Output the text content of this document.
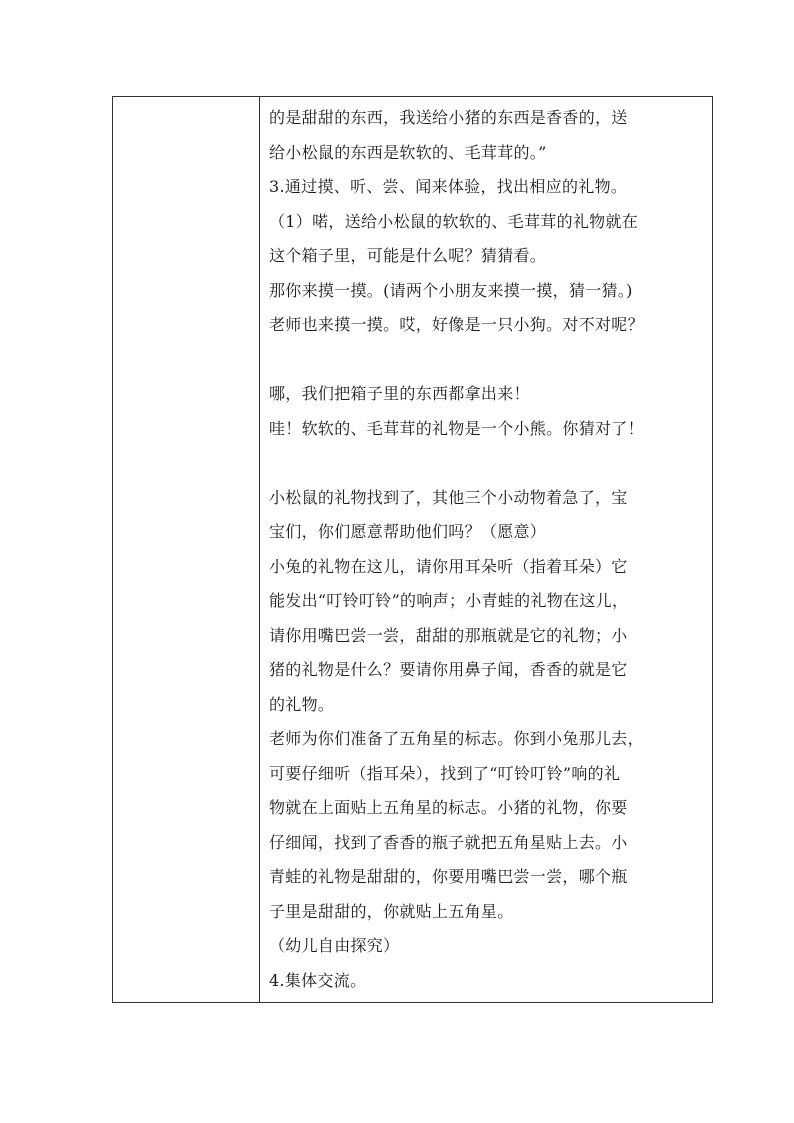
的是甜甜的东西，我送给小猪的东西是香香的，送
给小松鼠的东西是软软的、毛茸茸的。”
3.通过摸、听、尝、闻来体验，找出相应的礼物。
（1）喏，送给小松鼠的软软的、毛茸茸的礼物就在
这个箱子里，可能是什么呢？猜猜看。
那你来摸一摸。(请两个小朋友来摸一摸，猜一猜。)
老师也来摸一摸。哎，好像是一只小狗。对不对呢？
哪，我们把箱子里的东西都拿出来！
哇！软软的、毛茸茸的礼物是一个小熊。你猜对了！
小松鼠的礼物找到了，其他三个小动物着急了，宝
宝们，你们愿意帮助他们吗？（愿意）
小兔的礼物在这儿，请你用耳朵听（指着耳朵）它
能发出“叮铃叮铃”的响声；小青蛙的礼物在这儿，
请你用嘴巴尝一尝，甜甜的那瓶就是它的礼物；小
猪的礼物是什么？要请你用鼻子闻，香香的就是它
的礼物。
老师为你们准备了五角星的标志。你到小兔那儿去，
可要仔细听（指耳朵），找到了“叮铃叮铃”响的礼
物就在上面贴上五角星的标志。小猪的礼物，你要
仔细闻，找到了香香的瓶子就把五角星贴上去。小
青蛙的礼物是甜甜的，你要用嘴巴尝一尝，哪个瓶
子里是甜甜的，你就贴上五角星。
（幼儿自由探究）
4.集体交流。
